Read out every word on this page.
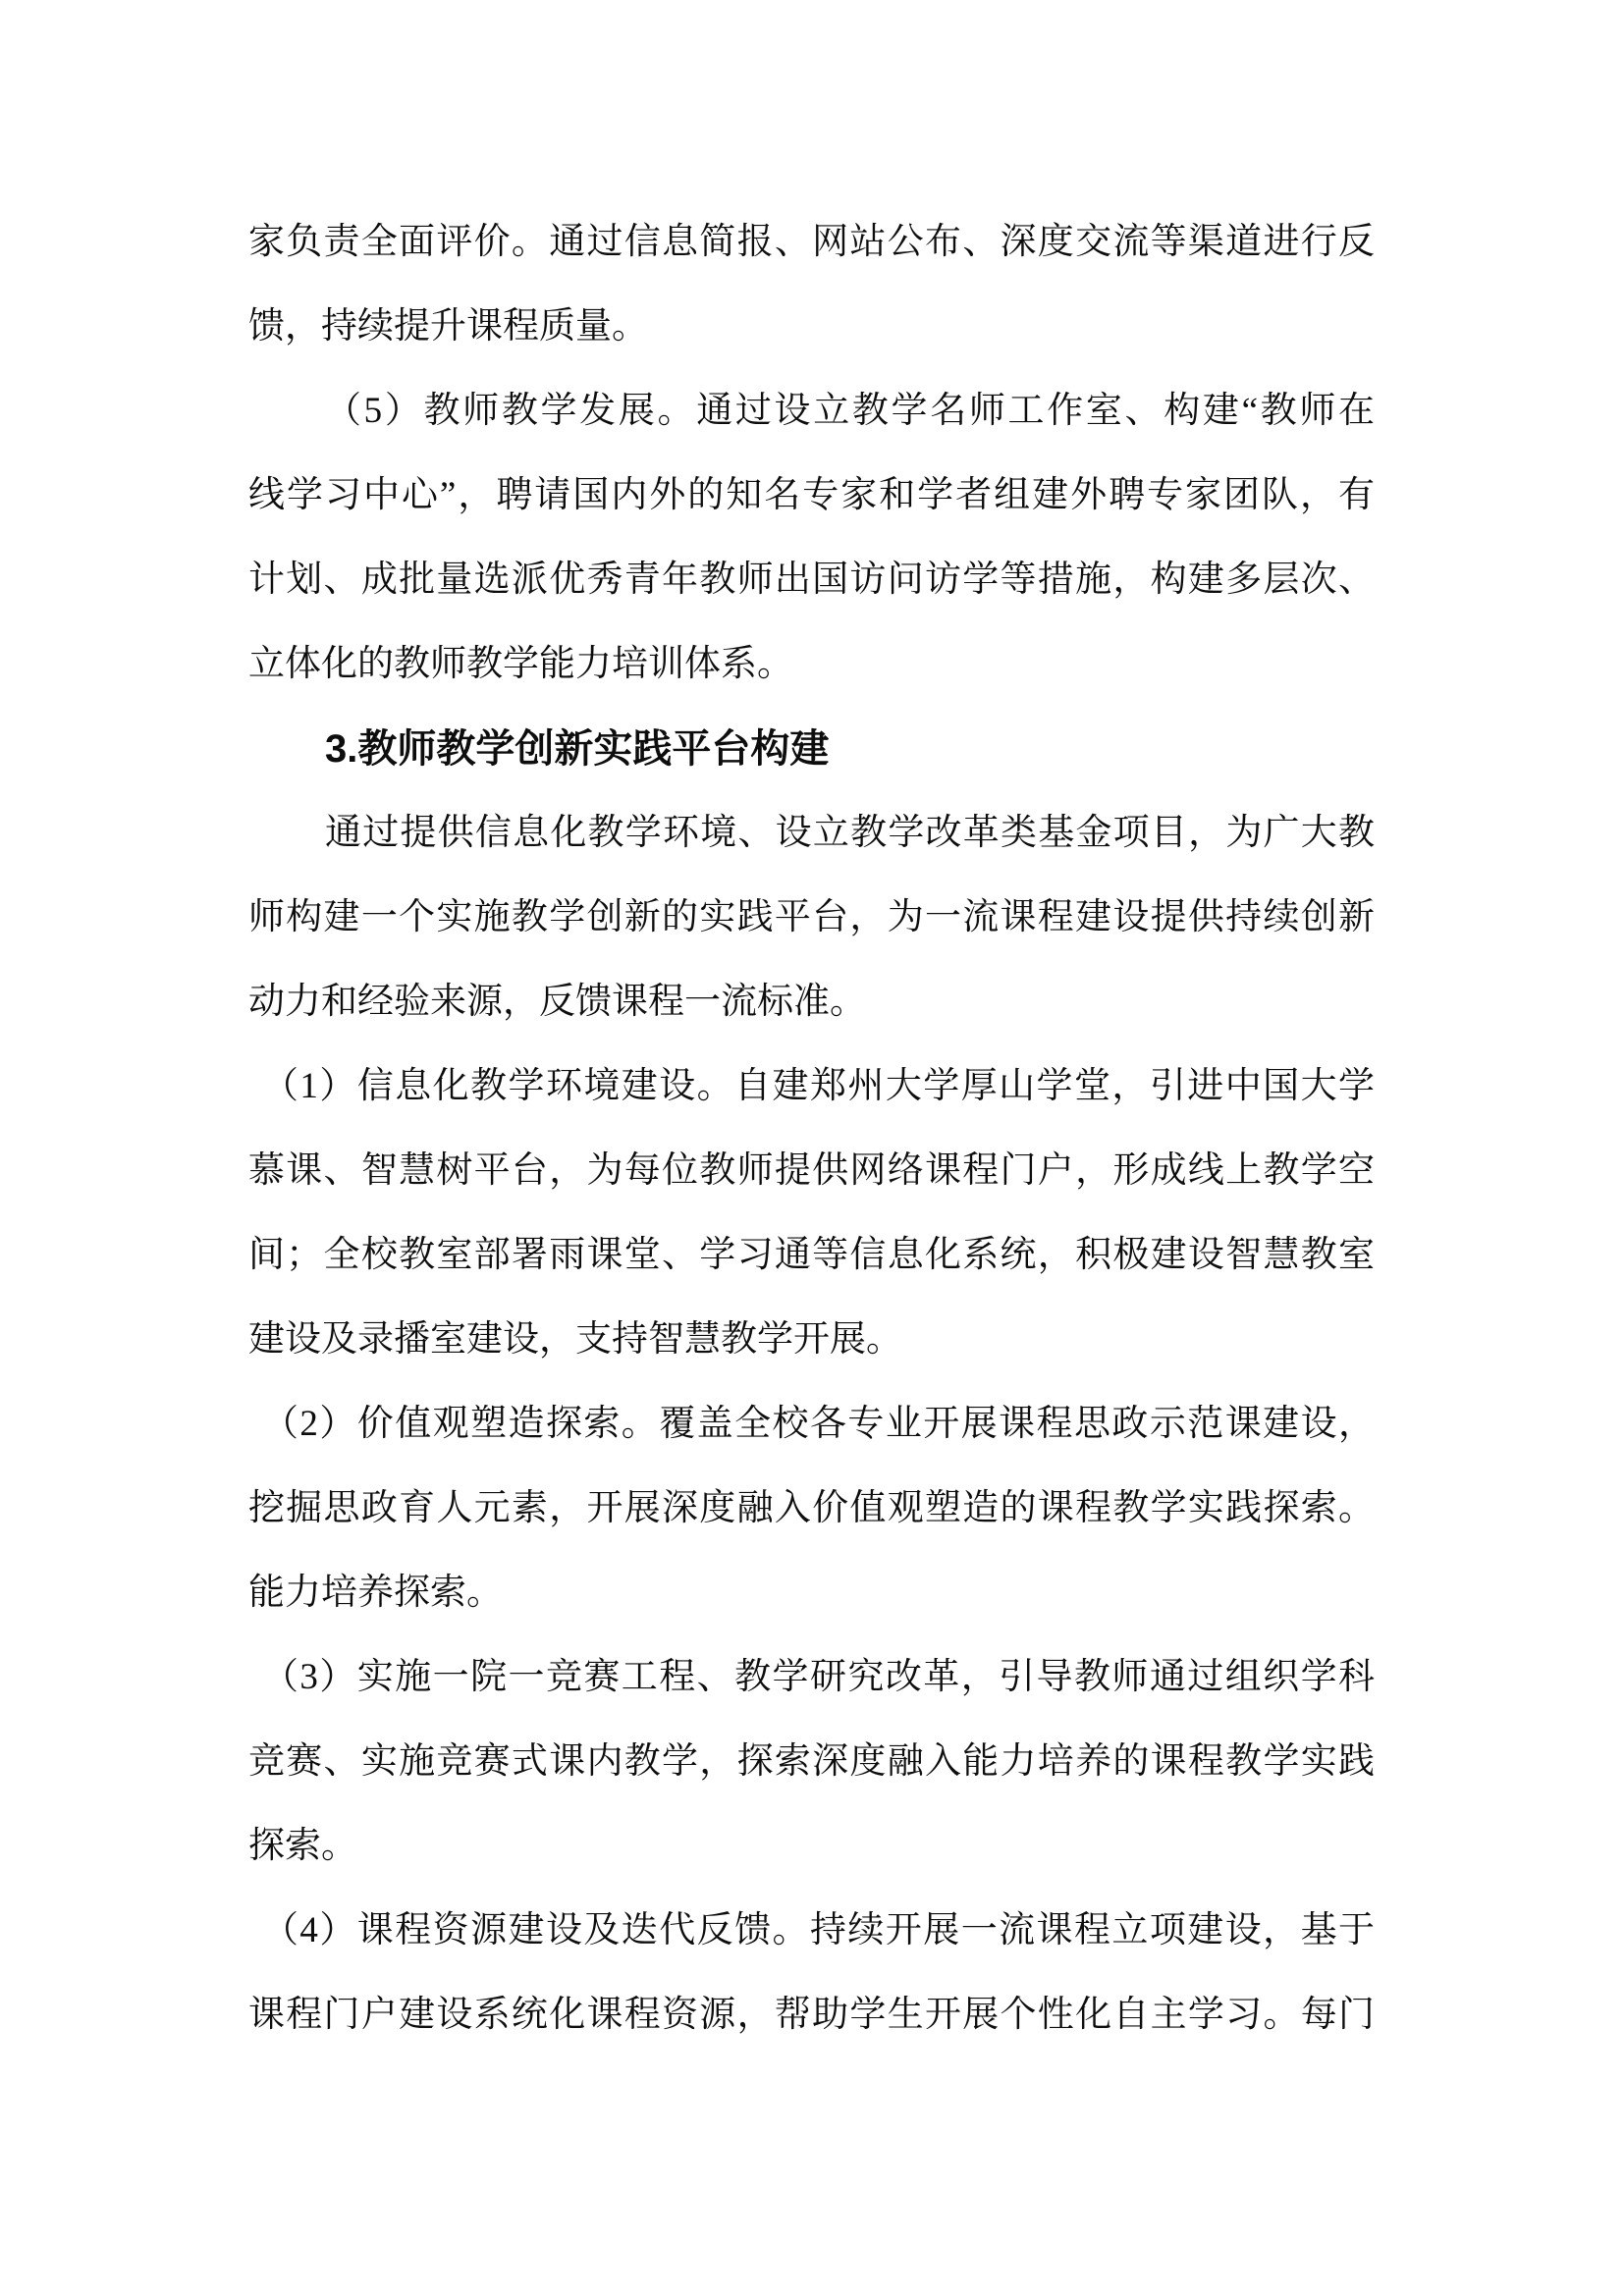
家负责全面评价。通过信息简报、网站公布、深度交流等渠道进行反
馈，持续提升课程质量。
（5）教师教学发展。通过设立教学名师工作室、构建“教师在
线学习中心”，聘请国内外的知名专家和学者组建外聘专家团队，有
计划、成批量选派优秀青年教师出国访问访学等措施，构建多层次、
立体化的教师教学能力培训体系。
3.教师教学创新实践平台构建
通过提供信息化教学环境、设立教学改革类基金项目，为广大教
师构建一个实施教学创新的实践平台，为一流课程建设提供持续创新
动力和经验来源，反馈课程一流标准。
（1）信息化教学环境建设。自建郑州大学厚山学堂，引进中国大学
慕课、智慧树平台，为每位教师提供网络课程门户，形成线上教学空
间；全校教室部署雨课堂、学习通等信息化系统，积极建设智慧教室
建设及录播室建设，支持智慧教学开展。
（2）价值观塑造探索。覆盖全校各专业开展课程思政示范课建设，
挖掘思政育人元素，开展深度融入价值观塑造的课程教学实践探索。
能力培养探索。
（3）实施一院一竞赛工程、教学研究改革，引导教师通过组织学科
竞赛、实施竞赛式课内教学，探索深度融入能力培养的课程教学实践
探索。
（4）课程资源建设及迭代反馈。持续开展一流课程立项建设，基于
课程门户建设系统化课程资源，帮助学生开展个性化自主学习。每门
